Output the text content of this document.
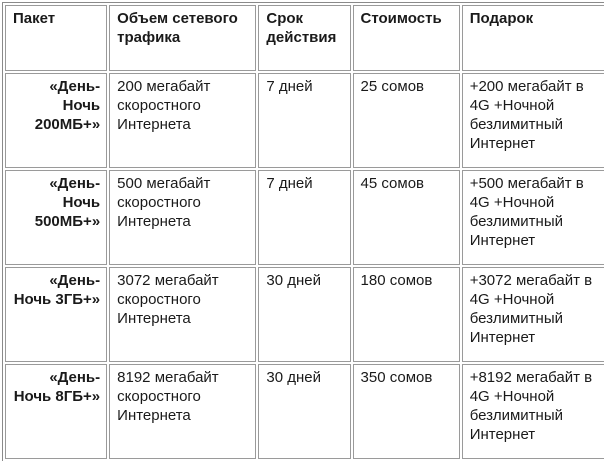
Пакет	Объем сетевого трафика	Срок действия	Стоимость	Подарок
«День-Ночь 200МБ+»	200 мегабайт скоростного Интернета	7 дней	25 сомов	+200 мегабайт в 4G +Ночной безлимитный Интернет
«День-Ночь 500МБ+»	500 мегабайт скоростного Интернета	7 дней	45 сомов	+500 мегабайт в 4G +Ночной безлимитный Интернет
«День-Ночь 3ГБ+»	3072 мегабайт скоростного Интернета	30 дней	180 сомов	+3072 мегабайт в 4G +Ночной безлимитный Интернет
«День-Ночь 8ГБ+»	8192 мегабайт скоростного Интернета	30 дней	350 сомов	+8192 мегабайт в 4G +Ночной безлимитный Интернет
